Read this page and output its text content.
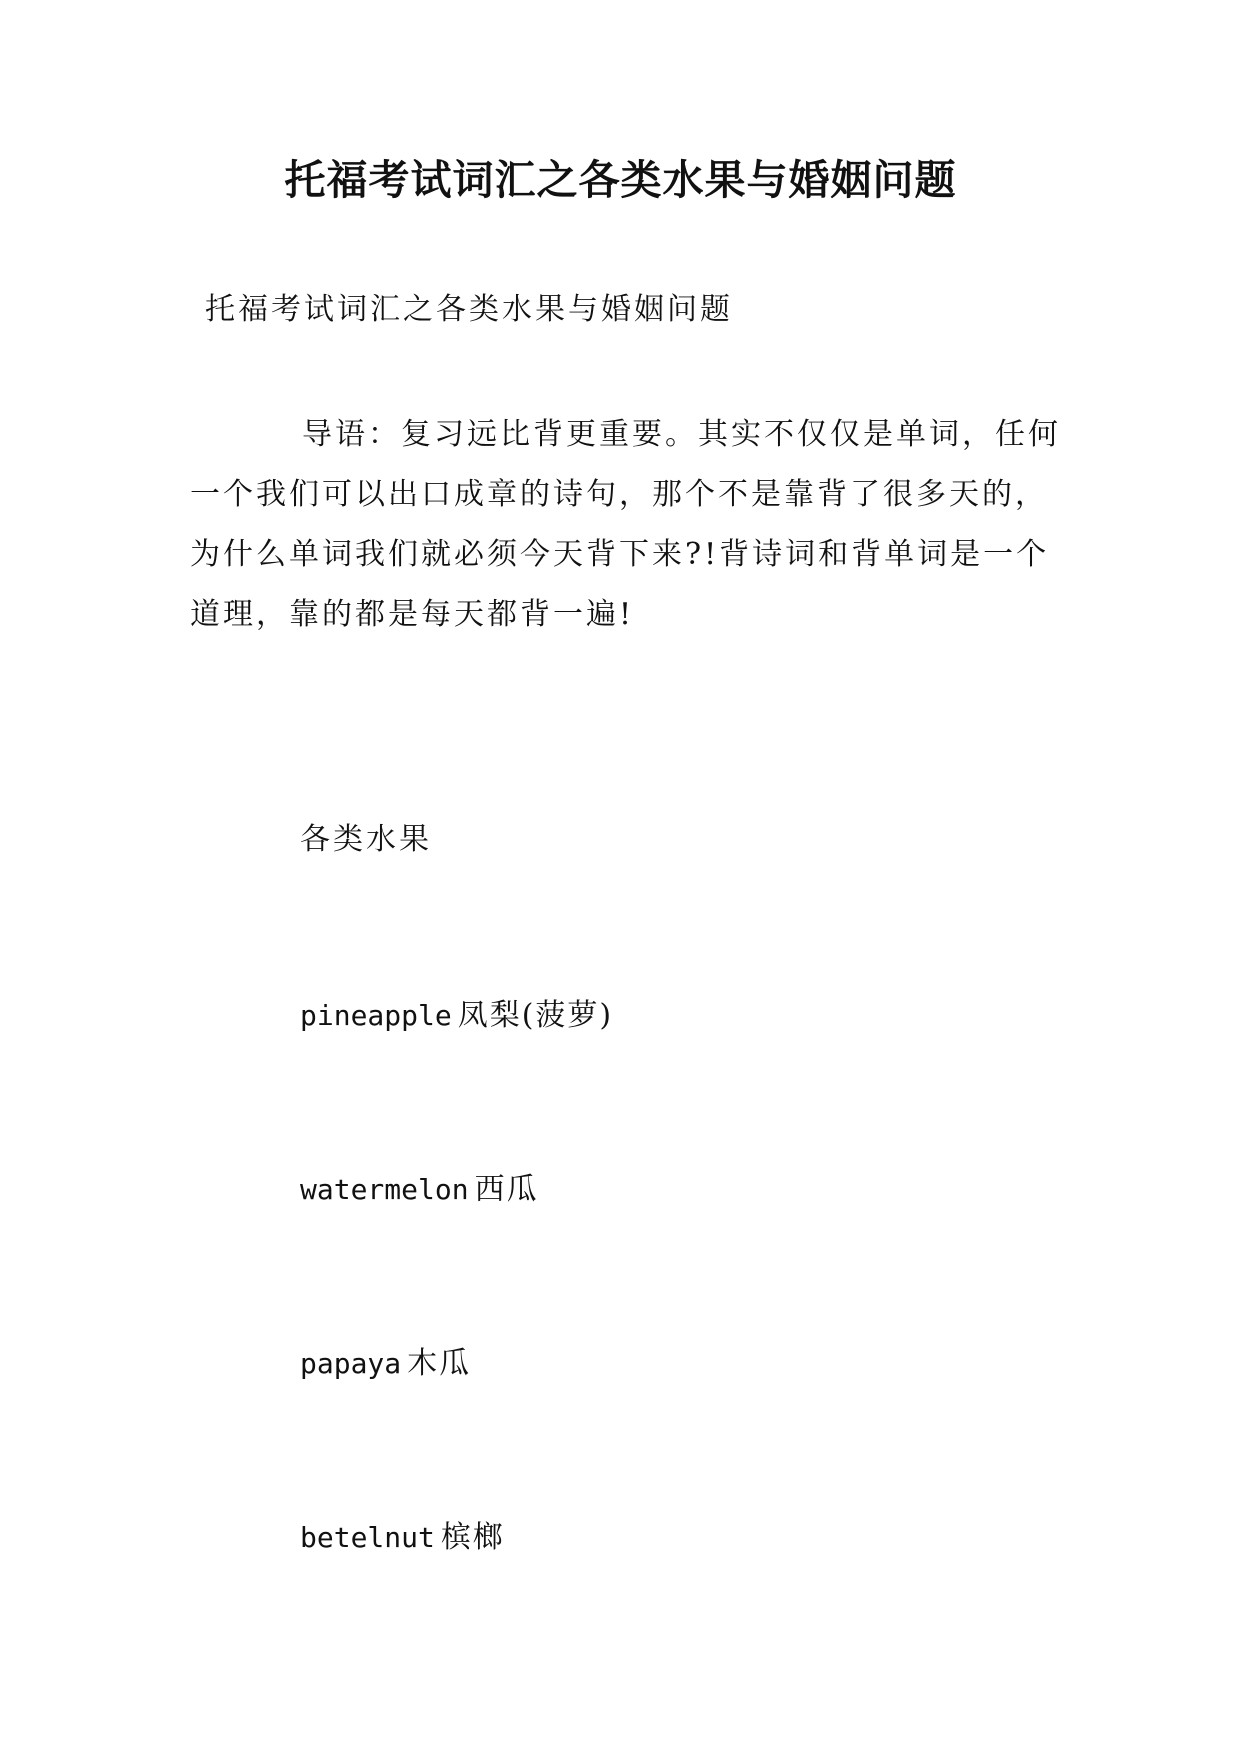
托福考试词汇之各类水果与婚姻问题

托福考试词汇之各类水果与婚姻问题

导语：复习远比背更重要。其实不仅仅是单词，任何一个我们可以出口成章的诗句，那个不是靠背了很多天的，为什么单词我们就必须今天背下来?!背诗词和背单词是一个道理，靠的都是每天都背一遍!

各类水果

pineapple 凤梨(菠萝)

watermelon 西瓜

papaya 木瓜

betelnut 槟榔
